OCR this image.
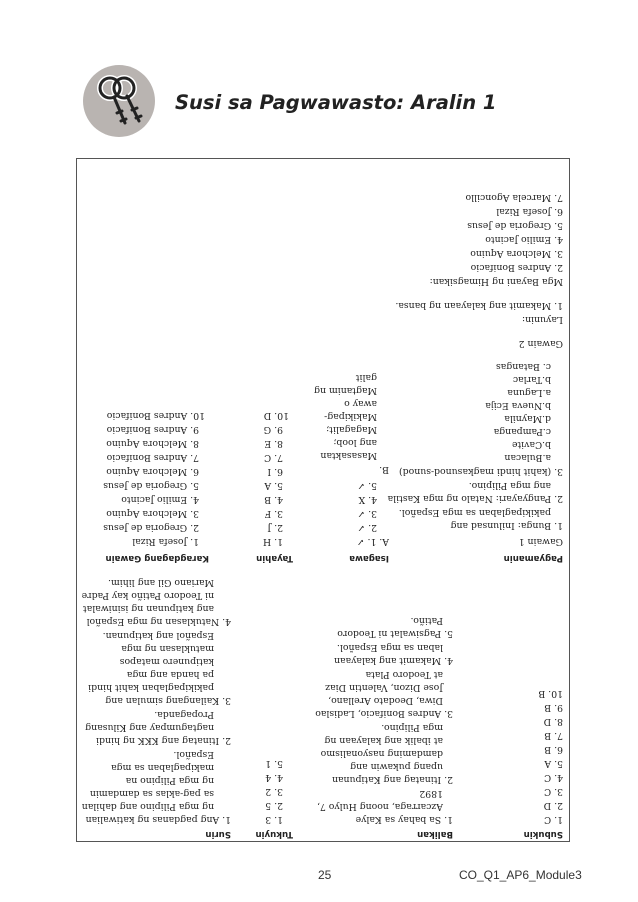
Susi sa Pagwawasto: Aralin 1
Subukin
1. C
2. D
3. C
4. C
5. A
6. B
7. B
8. D
9. B
10. B
Balikan
1. Sa bahay sa Kalye
Azcarraga, noong Hulyo 7,
1892
2. Itinatag ang Katipunan
upang pukawin ang
damdaming nasyonalismo
at ibalik ang kalayaan ng
mga Pilipino.
3. Andres Bonifacio, Ladislao
Diwa, Deodato Arellano,
Jose Dizon, Valentin Diaz
at Teodoro Plata
4. Makamit ang kalayaan
laban sa mga Español.
5. Pagsiwalat ni Teodoro
Patiño.
Tukuyin
1. 3
2. 5
3. 2
4. 4
5. 1
Surin
1. Ang pagdanas ng katiwalian
ng mga Pilipino ang dahilan
sa pag-aklas sa damdamin
ng mga Pilipino na
makipaglaban sa mga
Español.
2. Itinatag ang KKK ng hindi
nagtagumpay ang Kilusang
Propaganda.
3. Kailangang simulan ang
pakikipaglaban kahit hindi
pa handa ang mga
katipunero matapos
matuklasan ng mga
Español ang katipunan.
4. Natuklasan ng mga Español
ang katipunan ng isiniwalat
ni Teodoro Patiño kay Padre
Mariano Gil ang lihim.
Pagyamanin
Gawain 1
1. Bunga: Inilunsad ang
pakikipaglaban sa mga Español.
2. Pangyayari: Natalo ng mga Kastila
ang mga Pilipino.
3. (kahit hindi magkasunod-sunod)
a.Bulacan
b.Cavite
c.Pampanga
d.Maynila
b.Nueva Ecija
a.Laguna
b.Tarlac
c. Batangas
Gawain 2
Layunin:
1. Makamit ang kalayaan ng bansa.
Mga Bayani ng Himagsikan:
2. Andres Bonifacio
3. Melchora Aquino
4. Emilio Jacinto
5. Gregoria de Jesus
6. Josefa Rizal
7. Marcela Agoncillo
Isagawa
A. 1. ✓
2. ✓
3. ✓
4. X
5. ✓
B.
Masasaktan
ang loob;
Magagalit;
Makikipag-
away o
Magtanim ng
galit
Tayahin
1. H
2. J
3. F
4. B
5. A
6. I
7. C
8. E
9. G
10. D
Karagdagang Gawain
1. Josefa Rizal
2. Gregoria de Jesus
3. Melchora Aquino
4. Emilio Jacinto
5. Gregoria de Jesus
6. Melchora Aquino
7. Andres Bonifacio
8. Melchora Aquino
9. Andres Bonifacio
10. Andres Bonifacio
25	CO_Q1_AP6_Module3
